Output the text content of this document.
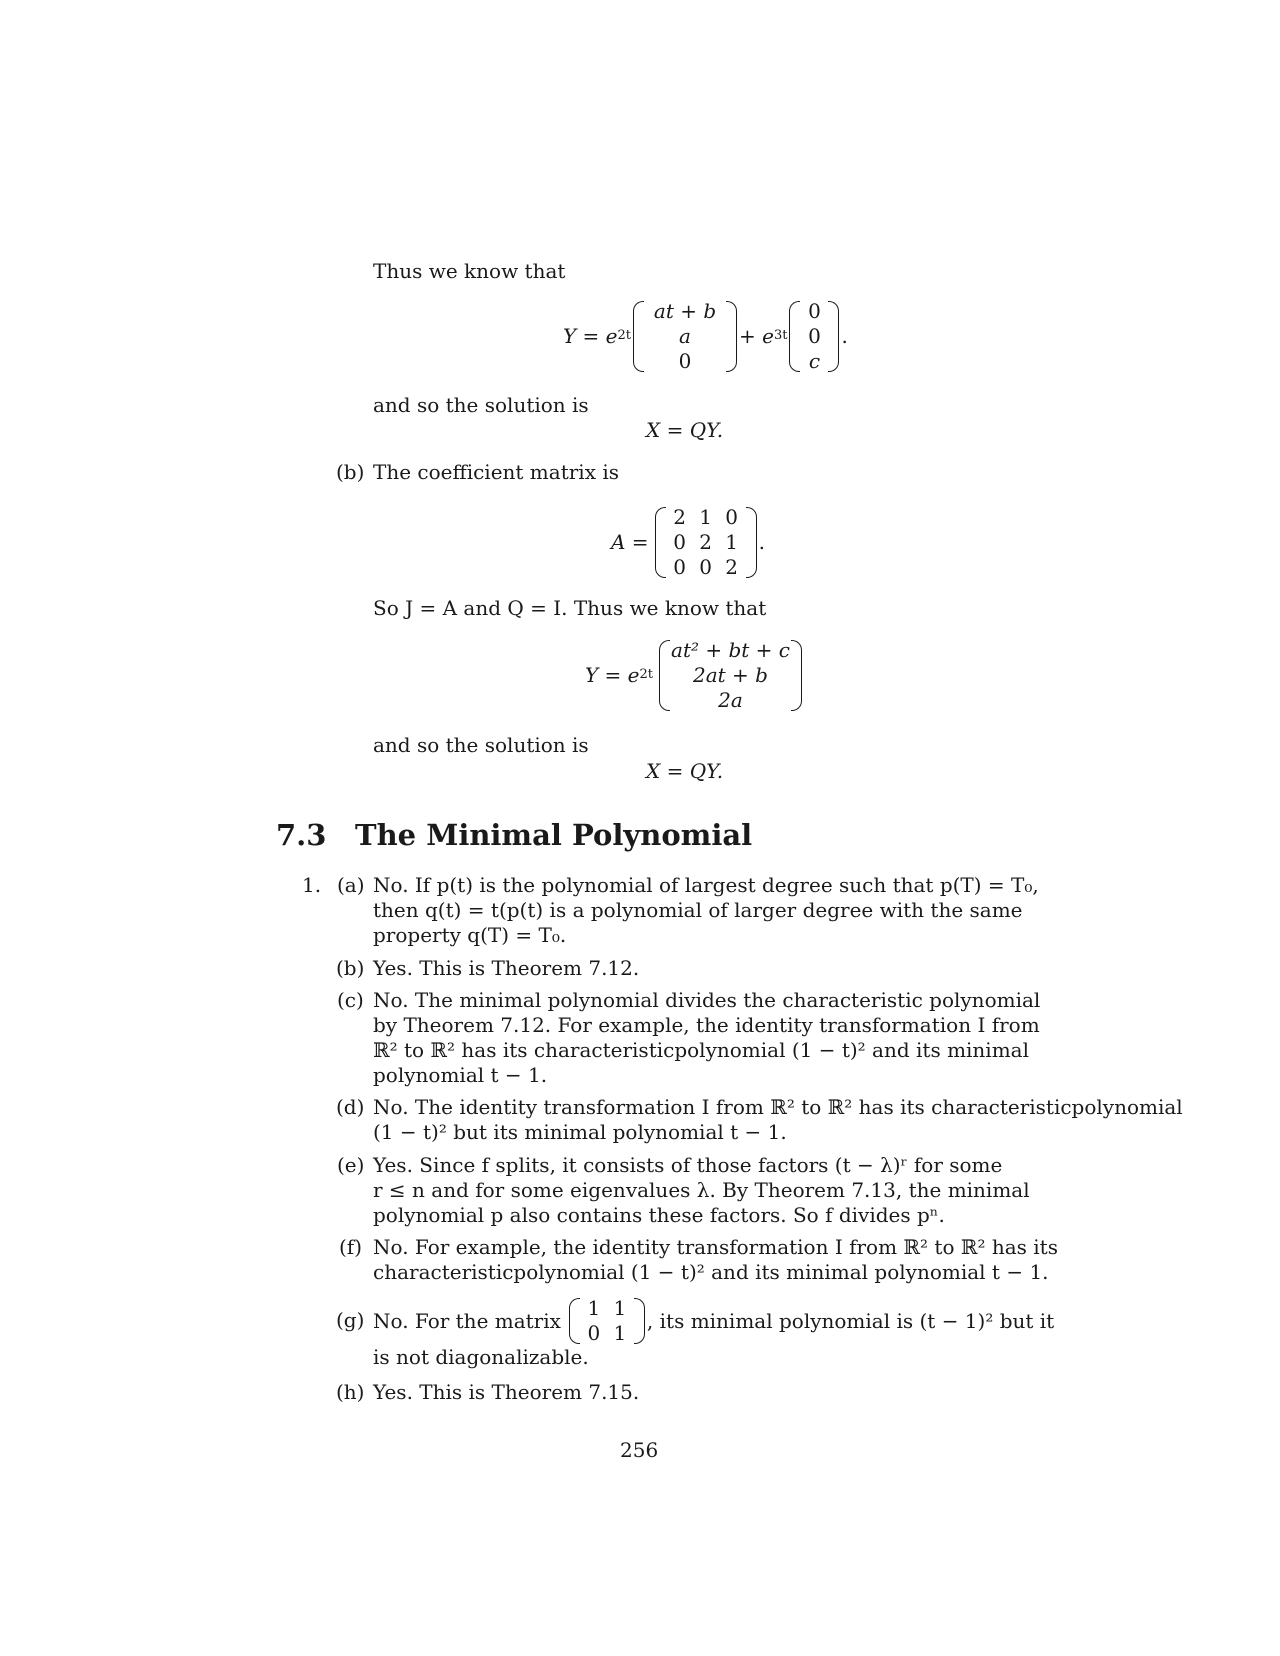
Thus we know that
Y = e 2t
at + b
a
0
+ e 3t
0
0
c
.
and so the solution is
X = QY.
(b) The coefficient matrix is
A =
2 1 0
0 2 1
0 0 2
.
So J = A and Q = I. Thus we know that
Y = e 2t
at² + bt + c
2at + b
2a
and so the solution is
X = QY.
7.3 The Minimal Polynomial
1. (a) No. If p(t) is the polynomial of largest degree such that p(T) = T₀,
then q(t) = t(p(t) is a polynomial of larger degree with the same
property q(T) = T₀.
(b) Yes. This is Theorem 7.12.
(c) No. The minimal polynomial divides the characteristic polynomial
by Theorem 7.12. For example, the identity transformation I from
ℝ² to ℝ² has its characteristicpolynomial (1 − t)² and its minimal
polynomial t − 1.
(d) No. The identity transformation I from ℝ² to ℝ² has its characteristicpolynomial
(1 − t)² but its minimal polynomial t − 1.
(e) Yes. Since f splits, it consists of those factors (t − λ)ʳ for some
r ≤ n and for some eigenvalues λ. By Theorem 7.13, the minimal
polynomial p also contains these factors. So f divides pⁿ.
(f) No. For example, the identity transformation I from ℝ² to ℝ² has its
characteristicpolynomial (1 − t)² and its minimal polynomial t − 1.
(g) No. For the matrix
1 1
0 1	, its minimal polynomial is (t − 1)² but it
is not diagonalizable.
(h) Yes. This is Theorem 7.15.
256
